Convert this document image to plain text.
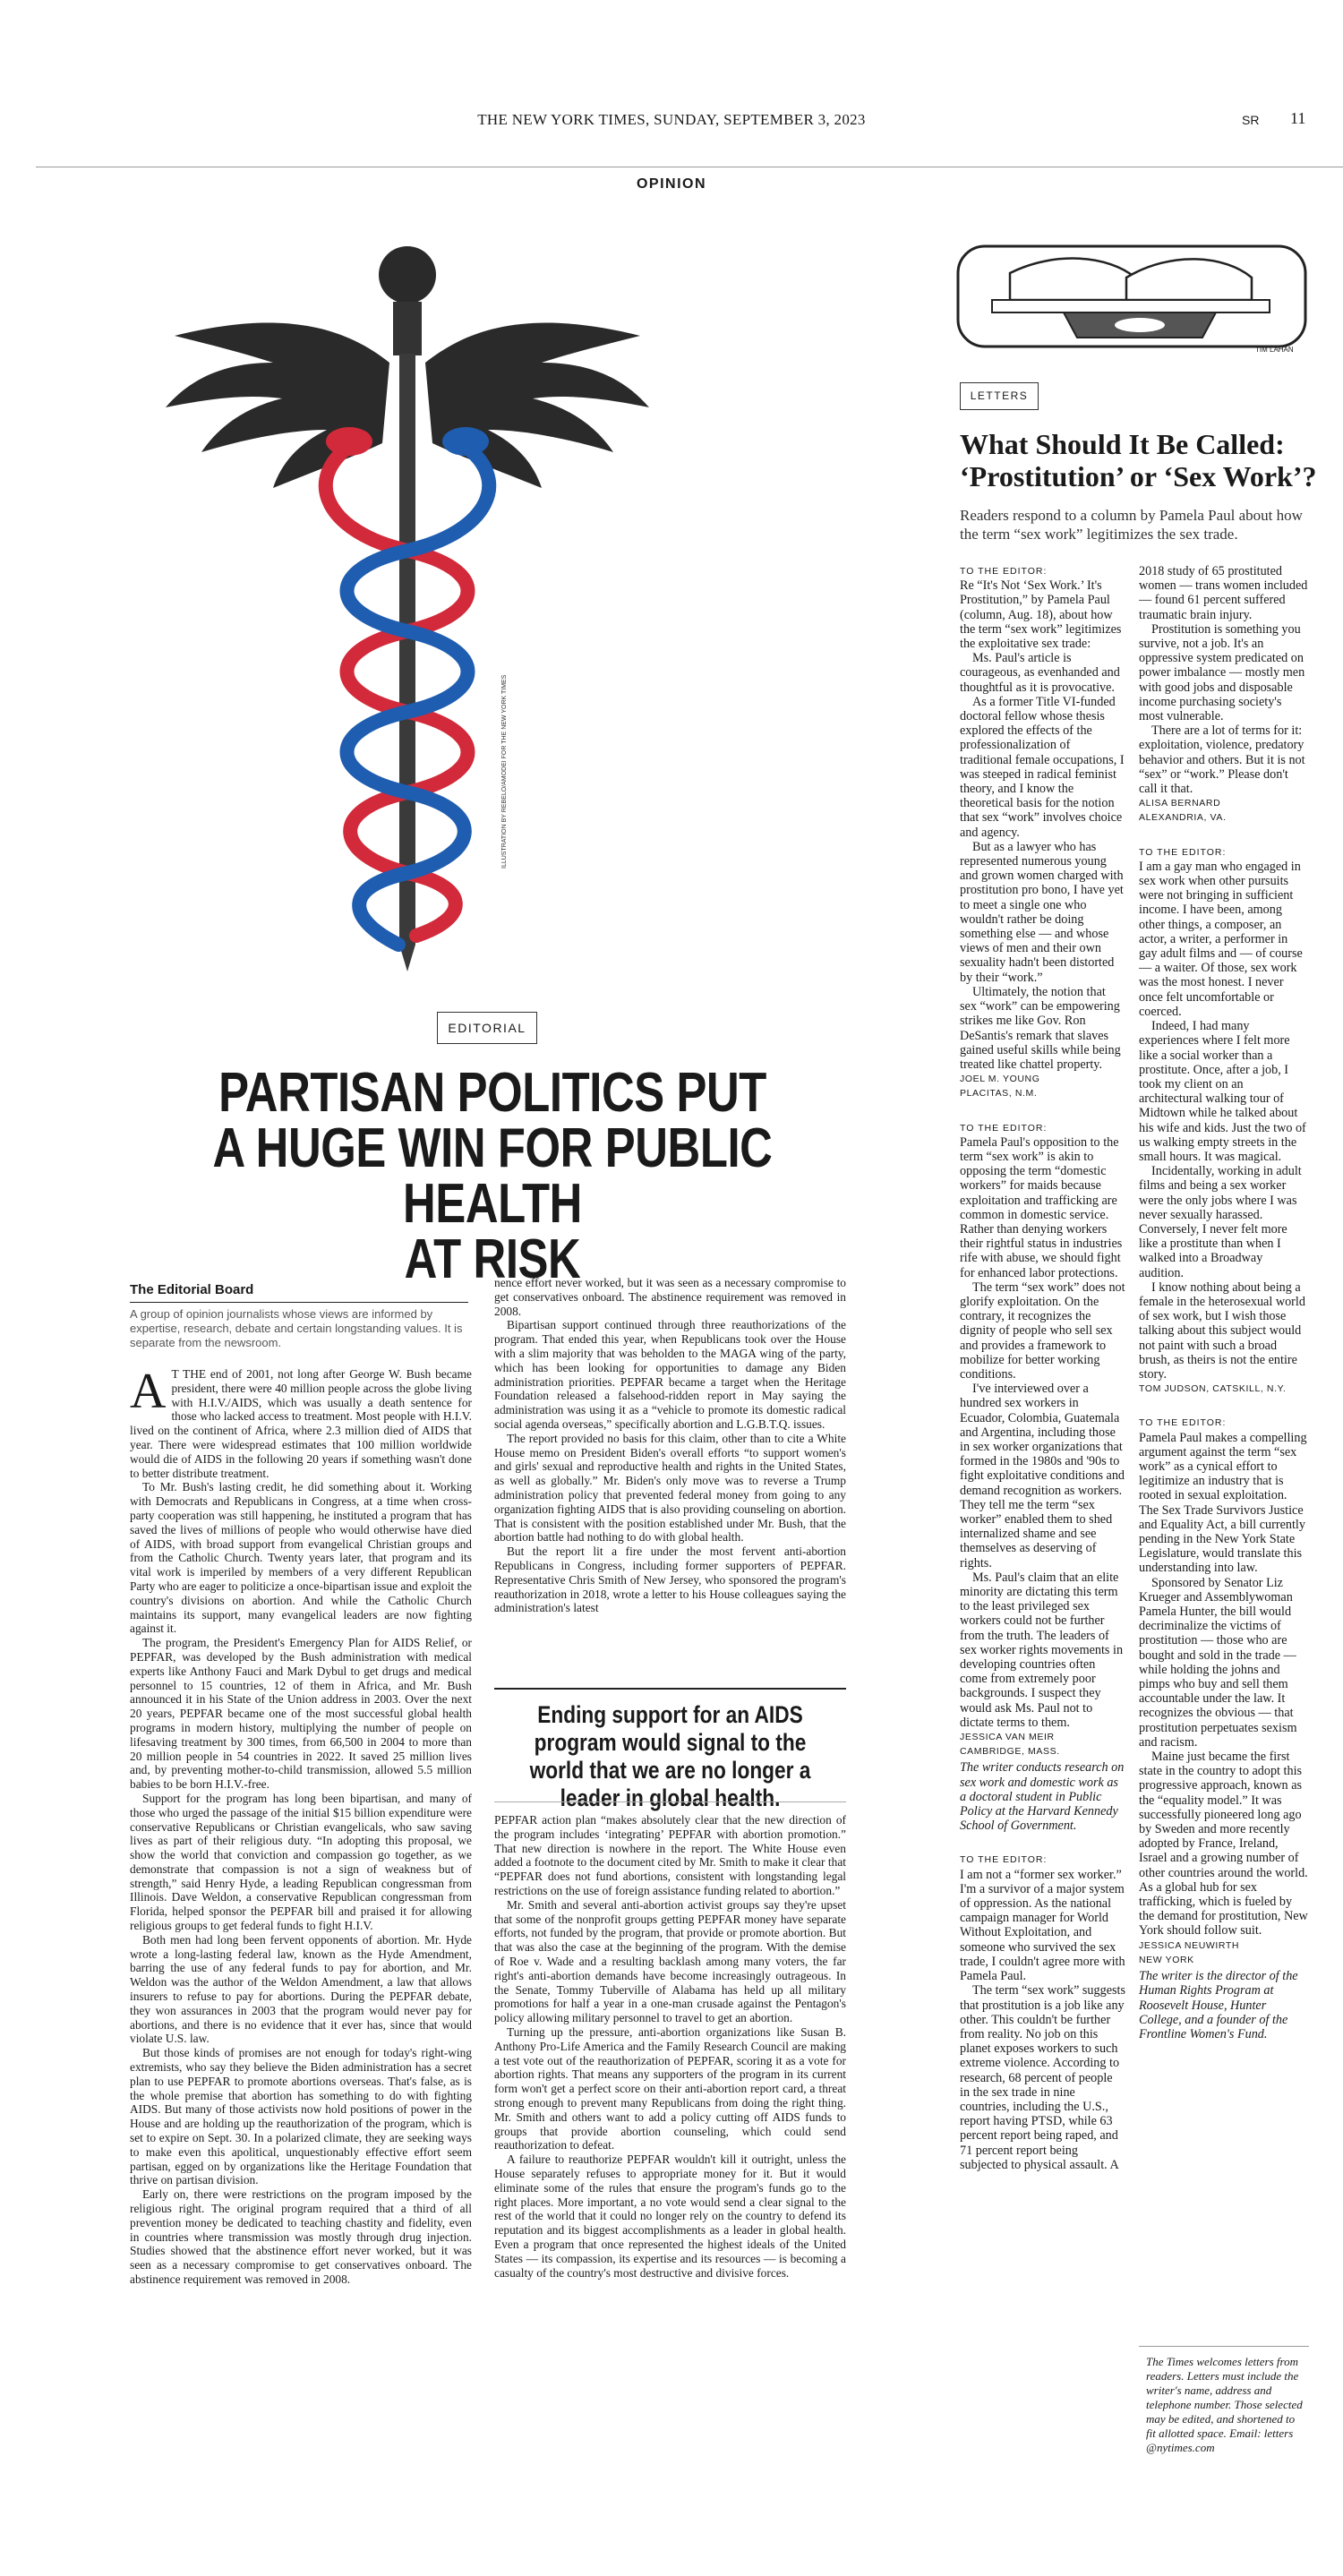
THE NEW YORK TIMES, SUNDAY, SEPTEMBER 3, 2023	SR 11
OPINION
ILLUSTRATION BY REBELO/AMODEI FOR THE NEW YORK TIMES
EDITORIAL
PARTISAN POLITICS PUT
A HUGE WIN FOR PUBLIC HEALTH
AT RISK
The Editorial Board
A group of opinion journalists whose views are informed by expertise, research, debate and certain longstanding values. It is separate from the newsroom.

A T THE end of 2001, not long after George W. Bush became president, there were 40 million people across the globe living with H.I.V./AIDS, which was usually a death sentence for those who lacked access to treatment. Most people with H.I.V. lived on the continent of Africa, where 2.3 million died of AIDS that year. There were widespread estimates that 100 million worldwide would die of AIDS in the following 20 years if something wasn't done to better distribute treatment.

To Mr. Bush's lasting credit, he did something about it. Working with Democrats and Republicans in Congress, at a time when cross-party cooperation was still happening, he instituted a program that has saved the lives of millions of people who would otherwise have died of AIDS, with broad support from evangelical Christian groups and from the Catholic Church. Twenty years later, that program and its vital work is imperiled by members of a very different Republican Party who are eager to politicize a once-bipartisan issue and exploit the country's divisions on abortion. And while the Catholic Church maintains its support, many evangelical leaders are now fighting against it.

The program, the President's Emergency Plan for AIDS Relief, or PEPFAR, was developed by the Bush administration with medical experts like Anthony Fauci and Mark Dybul to get drugs and medical personnel to 15 countries, 12 of them in Africa, and Mr. Bush announced it in his State of the Union address in 2003. Over the next 20 years, PEPFAR became one of the most successful global health programs in modern history, multiplying the number of people on lifesaving treatment by 300 times, from 66,500 in 2004 to more than 20 million people in 54 countries in 2022. It saved 25 million lives and, by preventing mother-to-child transmission, allowed 5.5 million babies to be born H.I.V.-free.

Support for the program has long been bipartisan, and many of those who urged the passage of the initial $15 billion expenditure were conservative Republicans or Christian evangelicals, who saw saving lives as part of their religious duty. “In adopting this proposal, we show the world that conviction and compassion go together, as we demonstrate that compassion is not a sign of weakness but of strength,” said Henry Hyde, a leading Republican congressman from Illinois. Dave Weldon, a conservative Republican congressman from Florida, helped sponsor the PEPFAR bill and praised it for allowing religious groups to get federal funds to fight H.I.V.

Both men had long been fervent opponents of abortion. Mr. Hyde wrote a long-lasting federal law, known as the Hyde Amendment, barring the use of any federal funds to pay for abortion, and Mr. Weldon was the author of the Weldon Amendment, a law that allows insurers to refuse to pay for abortions. During the PEPFAR debate, they won assurances in 2003 that the program would never pay for abortions, and there is no evidence that it ever has, since that would violate U.S. law.

But those kinds of promises are not enough for today's right-wing extremists, who say they believe the Biden administration has a secret plan to use PEPFAR to promote abortions overseas. That's false, as is the whole premise that abortion has something to do with fighting AIDS. But many of those activists now hold positions of power in the House and are holding up the reauthorization of the program, which is set to expire on Sept. 30. In a polarized climate, they are seeking ways to make even this apolitical, unquestionably effective effort seem partisan, egged on by organizations like the Heritage Foundation that thrive on partisan division.

Early on, there were restrictions on the program imposed by the religious right. The original program required that a third of all prevention money be dedicated to teaching chastity and fidelity, even in countries where transmission was mostly through drug injection. Studies showed that the abstinence effort never worked, but it was seen as a necessary compromise to get conservatives onboard. The abstinence requirement was removed in 2008.

nence effort never worked, but it was seen as a necessary compromise to get conservatives onboard. The abstinence requirement was removed in 2008.

Bipartisan support continued through three reauthorizations of the program. That ended this year, when Republicans took over the House with a slim majority that was beholden to the MAGA wing of the party, which has been looking for opportunities to damage any Biden administration priorities. PEPFAR became a target when the Heritage Foundation released a falsehood-ridden report in May saying the administration was using it as a “vehicle to promote its domestic radical social agenda overseas,” specifically abortion and L.G.B.T.Q. issues.

The report provided no basis for this claim, other than to cite a White House memo on President Biden's overall efforts “to support women's and girls' sexual and reproductive health and rights in the United States, as well as globally.” Mr. Biden's only move was to reverse a Trump administration policy that prevented federal money from going to any organization fighting AIDS that is also providing counseling on abortion. That is consistent with the position established under Mr. Bush, that the abortion battle had nothing to do with global health.

But the report lit a fire under the most fervent anti-abortion Republicans in Congress, including former supporters of PEPFAR. Representative Chris Smith of New Jersey, who sponsored the program's reauthorization in 2018, wrote a letter to his House colleagues saying the administration's latest

Ending support for an AIDS program would signal to the world that we are no longer a leader in global health.

PEPFAR action plan “makes absolutely clear that the new direction of the program includes ‘integrating’ PEPFAR with abortion promotion.” That new direction is nowhere in the report. The White House even added a footnote to the document cited by Mr. Smith to make it clear that “PEPFAR does not fund abortions, consistent with longstanding legal restrictions on the use of foreign assistance funding related to abortion.”

Mr. Smith and several anti-abortion activist groups say they're upset that some of the nonprofit groups getting PEPFAR money have separate efforts, not funded by the program, that provide or promote abortion. But that was also the case at the beginning of the program. With the demise of Roe v. Wade and a resulting backlash among many voters, the far right's anti-abortion demands have become increasingly outrageous. In the Senate, Tommy Tuberville of Alabama has held up all military promotions for half a year in a one-man crusade against the Pentagon's policy allowing military personnel to travel to get an abortion.

Turning up the pressure, anti-abortion organizations like Susan B. Anthony Pro-Life America and the Family Research Council are making a test vote out of the reauthorization of PEPFAR, scoring it as a vote for abortion rights. That means any supporters of the program in its current form won't get a perfect score on their anti-abortion report card, a threat strong enough to prevent many Republicans from doing the right thing. Mr. Smith and others want to add a policy cutting off AIDS funds to groups that provide abortion counseling, which could send reauthorization to defeat.

A failure to reauthorize PEPFAR wouldn't kill it outright, unless the House separately refuses to appropriate money for it. But it would eliminate some of the rules that ensure the program's funds go to the right places. More important, a no vote would send a clear signal to the rest of the world that it could no longer rely on the country to defend its reputation and its biggest accomplishments as a leader in global health. Even a program that once represented the highest ideals of the United States — its compassion, its expertise and its resources — is becoming a casualty of the country's most destructive and divisive forces.

TIM LAHAN
LETTERS
What Should It Be Called: ‘Prostitution’ or ‘Sex Work’?
Readers respond to a column by Pamela Paul about how the term “sex work” legitimizes the sex trade.

TO THE EDITOR:

Re “It's Not ‘Sex Work.’ It's Prostitution,” by Pamela Paul (column, Aug. 18), about how the term “sex work” legitimizes the exploitative sex trade:

Ms. Paul's article is courageous, as evenhanded and thoughtful as it is provocative.

As a former Title VI-funded doctoral fellow whose thesis explored the effects of the professionalization of traditional female occupations, I was steeped in radical feminist theory, and I know the theoretical basis for the notion that sex “work” involves choice and agency.

But as a lawyer who has represented numerous young and grown women charged with prostitution pro bono, I have yet to meet a single one who wouldn't rather be doing something else — and whose views of men and their own sexuality hadn't been distorted by their “work.”

Ultimately, the notion that sex “work” can be empowering strikes me like Gov. Ron DeSantis's remark that slaves gained useful skills while being treated like chattel property.

JOEL M. YOUNG
PLACITAS, N.M.

TO THE EDITOR:

Pamela Paul's opposition to the term “sex work” is akin to opposing the term “domestic workers” for maids because exploitation and trafficking are common in domestic service. Rather than denying workers their rightful status in industries rife with abuse, we should fight for enhanced labor protections.

The term “sex work” does not glorify exploitation. On the contrary, it recognizes the dignity of people who sell sex and provides a framework to mobilize for better working conditions.

I've interviewed over a hundred sex workers in Ecuador, Colombia, Guatemala and Argentina, including those in sex worker organizations that formed in the 1980s and '90s to fight exploitative conditions and demand recognition as workers. They tell me the term “sex worker” enabled them to shed internalized shame and see themselves as deserving of rights.

Ms. Paul's claim that an elite minority are dictating this term to the least privileged sex workers could not be further from the truth. The leaders of sex worker rights movements in developing countries often come from extremely poor backgrounds. I suspect they would ask Ms. Paul not to dictate terms to them.

JESSICA VAN MEIR
CAMBRIDGE, MASS.

The writer conducts research on sex work and domestic work as a doctoral student in Public Policy at the Harvard Kennedy School of Government.

TO THE EDITOR:

I am not a “former sex worker.” I'm a survivor of a major system of oppression. As the national campaign manager for World Without Exploitation, and someone who survived the sex trade, I couldn't agree more with Pamela Paul.

The term “sex work” suggests that prostitution is a job like any other. This couldn't be further from reality. No job on this planet exposes workers to such extreme violence. According to research, 68 percent of people in the sex trade in nine countries, including the U.S., report having PTSD, while 63 percent report being raped, and 71 percent report being subjected to physical assault. A

2018 study of 65 prostituted women — trans women included — found 61 percent suffered traumatic brain injury.

Prostitution is something you survive, not a job. It's an oppressive system predicated on power imbalance — mostly men with good jobs and disposable income purchasing society's most vulnerable.

There are a lot of terms for it: exploitation, violence, predatory behavior and others. But it is not “sex” or “work.” Please don't call it that.

ALISA BERNARD
ALEXANDRIA, VA.

TO THE EDITOR:

I am a gay man who engaged in sex work when other pursuits were not bringing in sufficient income. I have been, among other things, a composer, an actor, a writer, a performer in gay adult films and — of course — a waiter. Of those, sex work was the most honest. I never once felt uncomfortable or coerced.

Indeed, I had many experiences where I felt more like a social worker than a prostitute. Once, after a job, I took my client on an architectural walking tour of Midtown while he talked about his wife and kids. Just the two of us walking empty streets in the small hours. It was magical.

Incidentally, working in adult films and being a sex worker were the only jobs where I was never sexually harassed. Conversely, I never felt more like a prostitute than when I walked into a Broadway audition.

I know nothing about being a female in the heterosexual world of sex work, but I wish those talking about this subject would not paint with such a broad brush, as theirs is not the entire story.

TOM JUDSON, CATSKILL, N.Y.

TO THE EDITOR:

Pamela Paul makes a compelling argument against the term “sex work” as a cynical effort to legitimize an industry that is rooted in sexual exploitation. The Sex Trade Survivors Justice and Equality Act, a bill currently pending in the New York State Legislature, would translate this understanding into law.

Sponsored by Senator Liz Krueger and Assemblywoman Pamela Hunter, the bill would decriminalize the victims of prostitution — those who are bought and sold in the trade — while holding the johns and pimps who buy and sell them accountable under the law. It recognizes the obvious — that prostitution perpetuates sexism and racism.

Maine just became the first state in the country to adopt this progressive approach, known as the “equality model.” It was successfully pioneered long ago by Sweden and more recently adopted by France, Ireland, Israel and a growing number of other countries around the world. As a global hub for sex trafficking, which is fueled by the demand for prostitution, New York should follow suit.

JESSICA NEUWIRTH
NEW YORK

The writer is the director of the Human Rights Program at Roosevelt House, Hunter College, and a founder of the Frontline Women's Fund.

The Times welcomes letters from readers. Letters must include the writer's name, address and telephone number. Those selected may be edited, and shortened to fit allotted space. Email: letters @nytimes.com
